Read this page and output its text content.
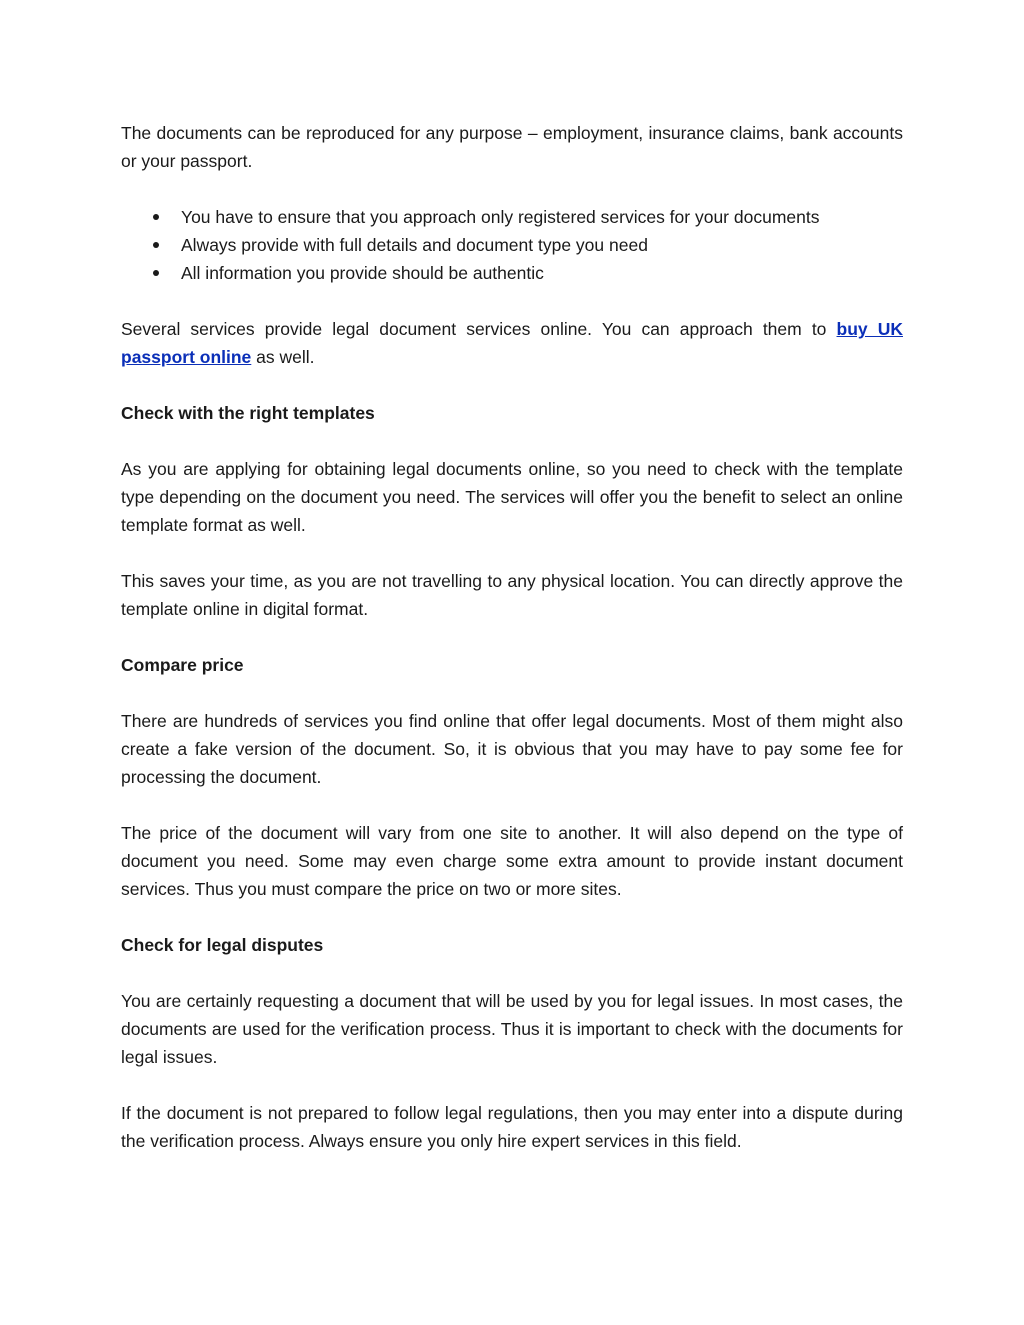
The documents can be reproduced for any purpose – employment, insurance claims, bank accounts or your passport.

You have to ensure that you approach only registered services for your documents
Always provide with full details and document type you need
All information you provide should be authentic

Several services provide legal document services online. You can approach them to buy UK passport online as well.

Check with the right templates

As you are applying for obtaining legal documents online, so you need to check with the template type depending on the document you need. The services will offer you the benefit to select an online template format as well.

This saves your time, as you are not travelling to any physical location. You can directly approve the template online in digital format.

Compare price

There are hundreds of services you find online that offer legal documents. Most of them might also create a fake version of the document. So, it is obvious that you may have to pay some fee for processing the document.

The price of the document will vary from one site to another. It will also depend on the type of document you need. Some may even charge some extra amount to provide instant document services. Thus you must compare the price on two or more sites.

Check for legal disputes

You are certainly requesting a document that will be used by you for legal issues. In most cases, the documents are used for the verification process. Thus it is important to check with the documents for legal issues.

If the document is not prepared to follow legal regulations, then you may enter into a dispute during the verification process. Always ensure you only hire expert services in this field.
